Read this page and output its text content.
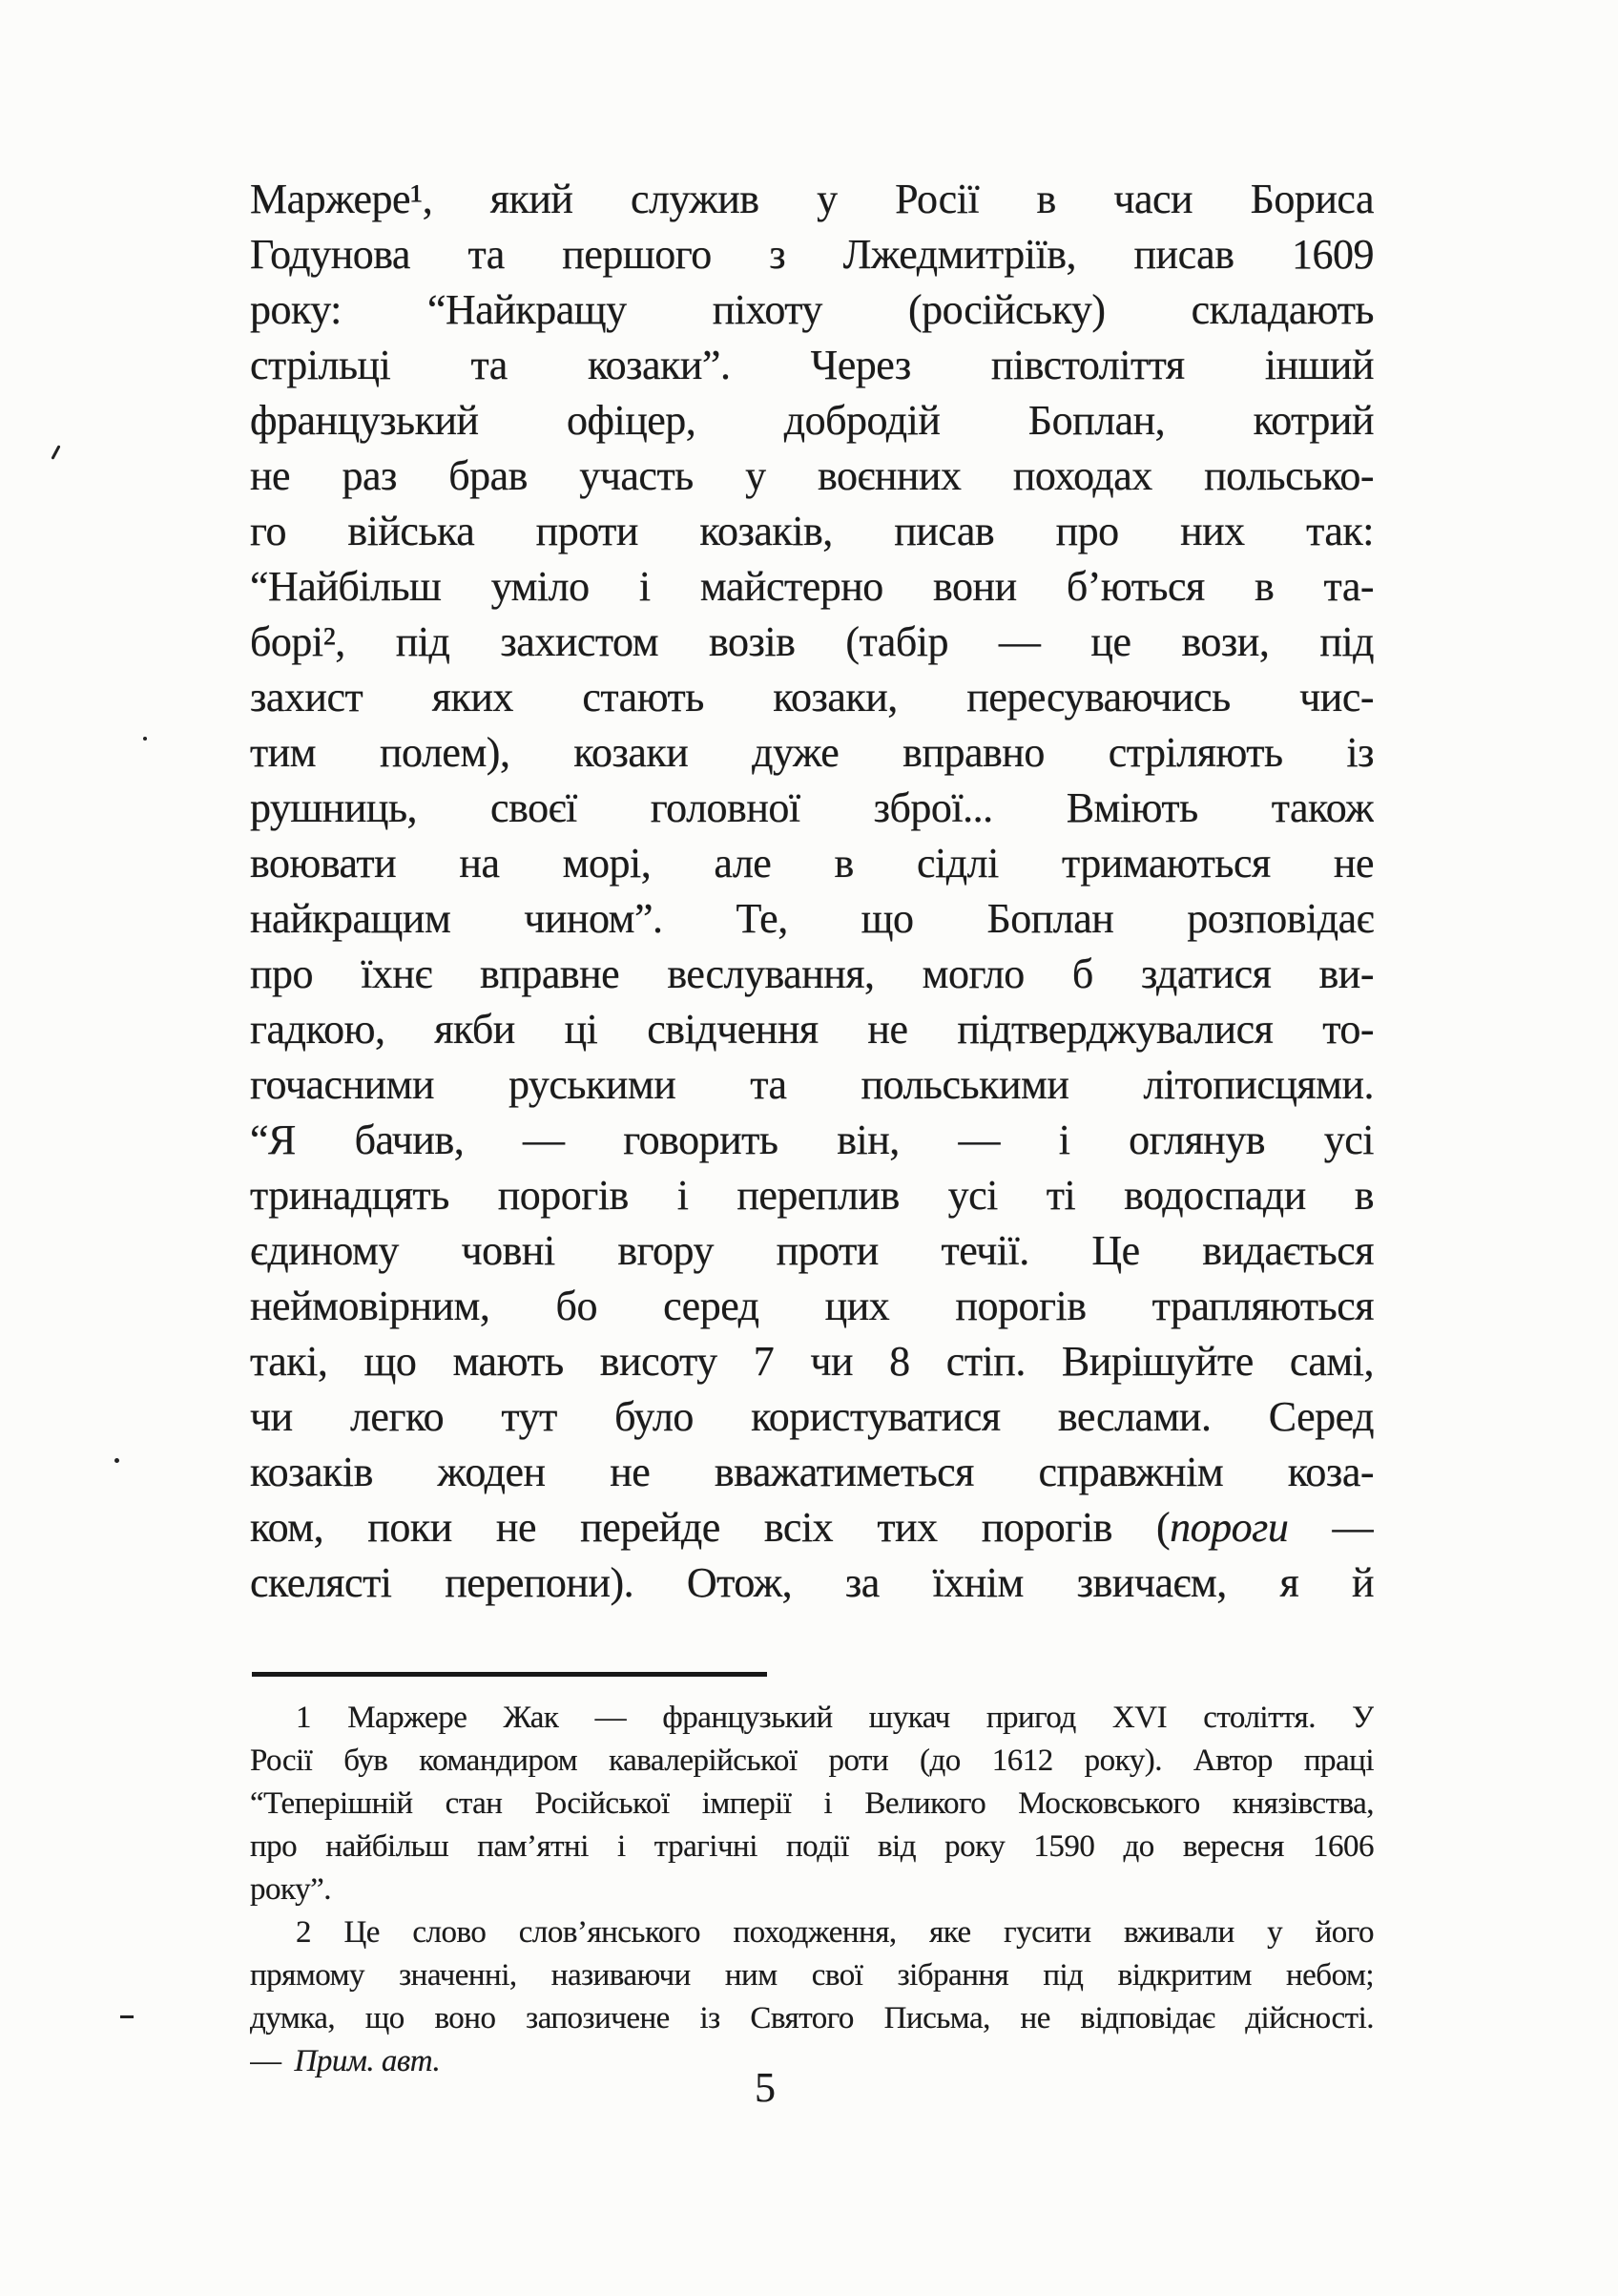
Маржере¹, який служив у Росії в часи Бориса
Годунова та першого з Лжедмитріїв, писав 1609
року: “Найкращу піхоту (російську) складають
стрільці та козаки”. Через півстоліття інший
французький офіцер, добродій Боплан, котрий
не раз брав участь у воєнних походах польсько-
го війська проти козаків, писав про них так:
“Найбільш уміло і майстерно вони б’ються в та-
борі², під захистом возів (табір — це вози, під
захист яких стають козаки, пересуваючись чис-
тим полем), козаки дуже вправно стріляють із
рушниць, своєї головної зброї... Вміють також
воювати на морі, але в сідлі тримаються не
найкращим чином”. Те, що Боплан розповідає
про їхнє вправне веслування, могло б здатися ви-
гадкою, якби ці свідчення не підтверджувалися то-
гочасними руськими та польськими літописцями.
“Я бачив, — говорить він, — і оглянув усі
тринадцять порогів і переплив усі ті водоспади в
єдиному човні вгору проти течії. Це видається
неймовірним, бо серед цих порогів трапляються
такі, що мають висоту 7 чи 8 стіп. Вирішуйте самі,
чи легко тут було користуватися веслами. Серед
козаків жоден не вважатиметься справжнім коза-
ком, поки не перейде всіх тих порогів (пороги —
скелясті перепони). Отож, за їхнім звичаєм, я й
1 Маржере Жак — французький шукач пригод XVI століття. У
Росії був командиром кавалерійської роти (до 1612 року). Автор праці
“Теперішній стан Російської імперії і Великого Московського князівства,
про найбільш пам’ятні і трагічні події від року 1590 до вересня 1606
року”.
2 Це слово слов’янського походження, яке гусити вживали у його
прямому значенні, називаючи ним свої зібрання під відкритим небом;
думка, що воно запозичене із Святого Письма, не відповідає дійсності.
— Прим. авт.
5
